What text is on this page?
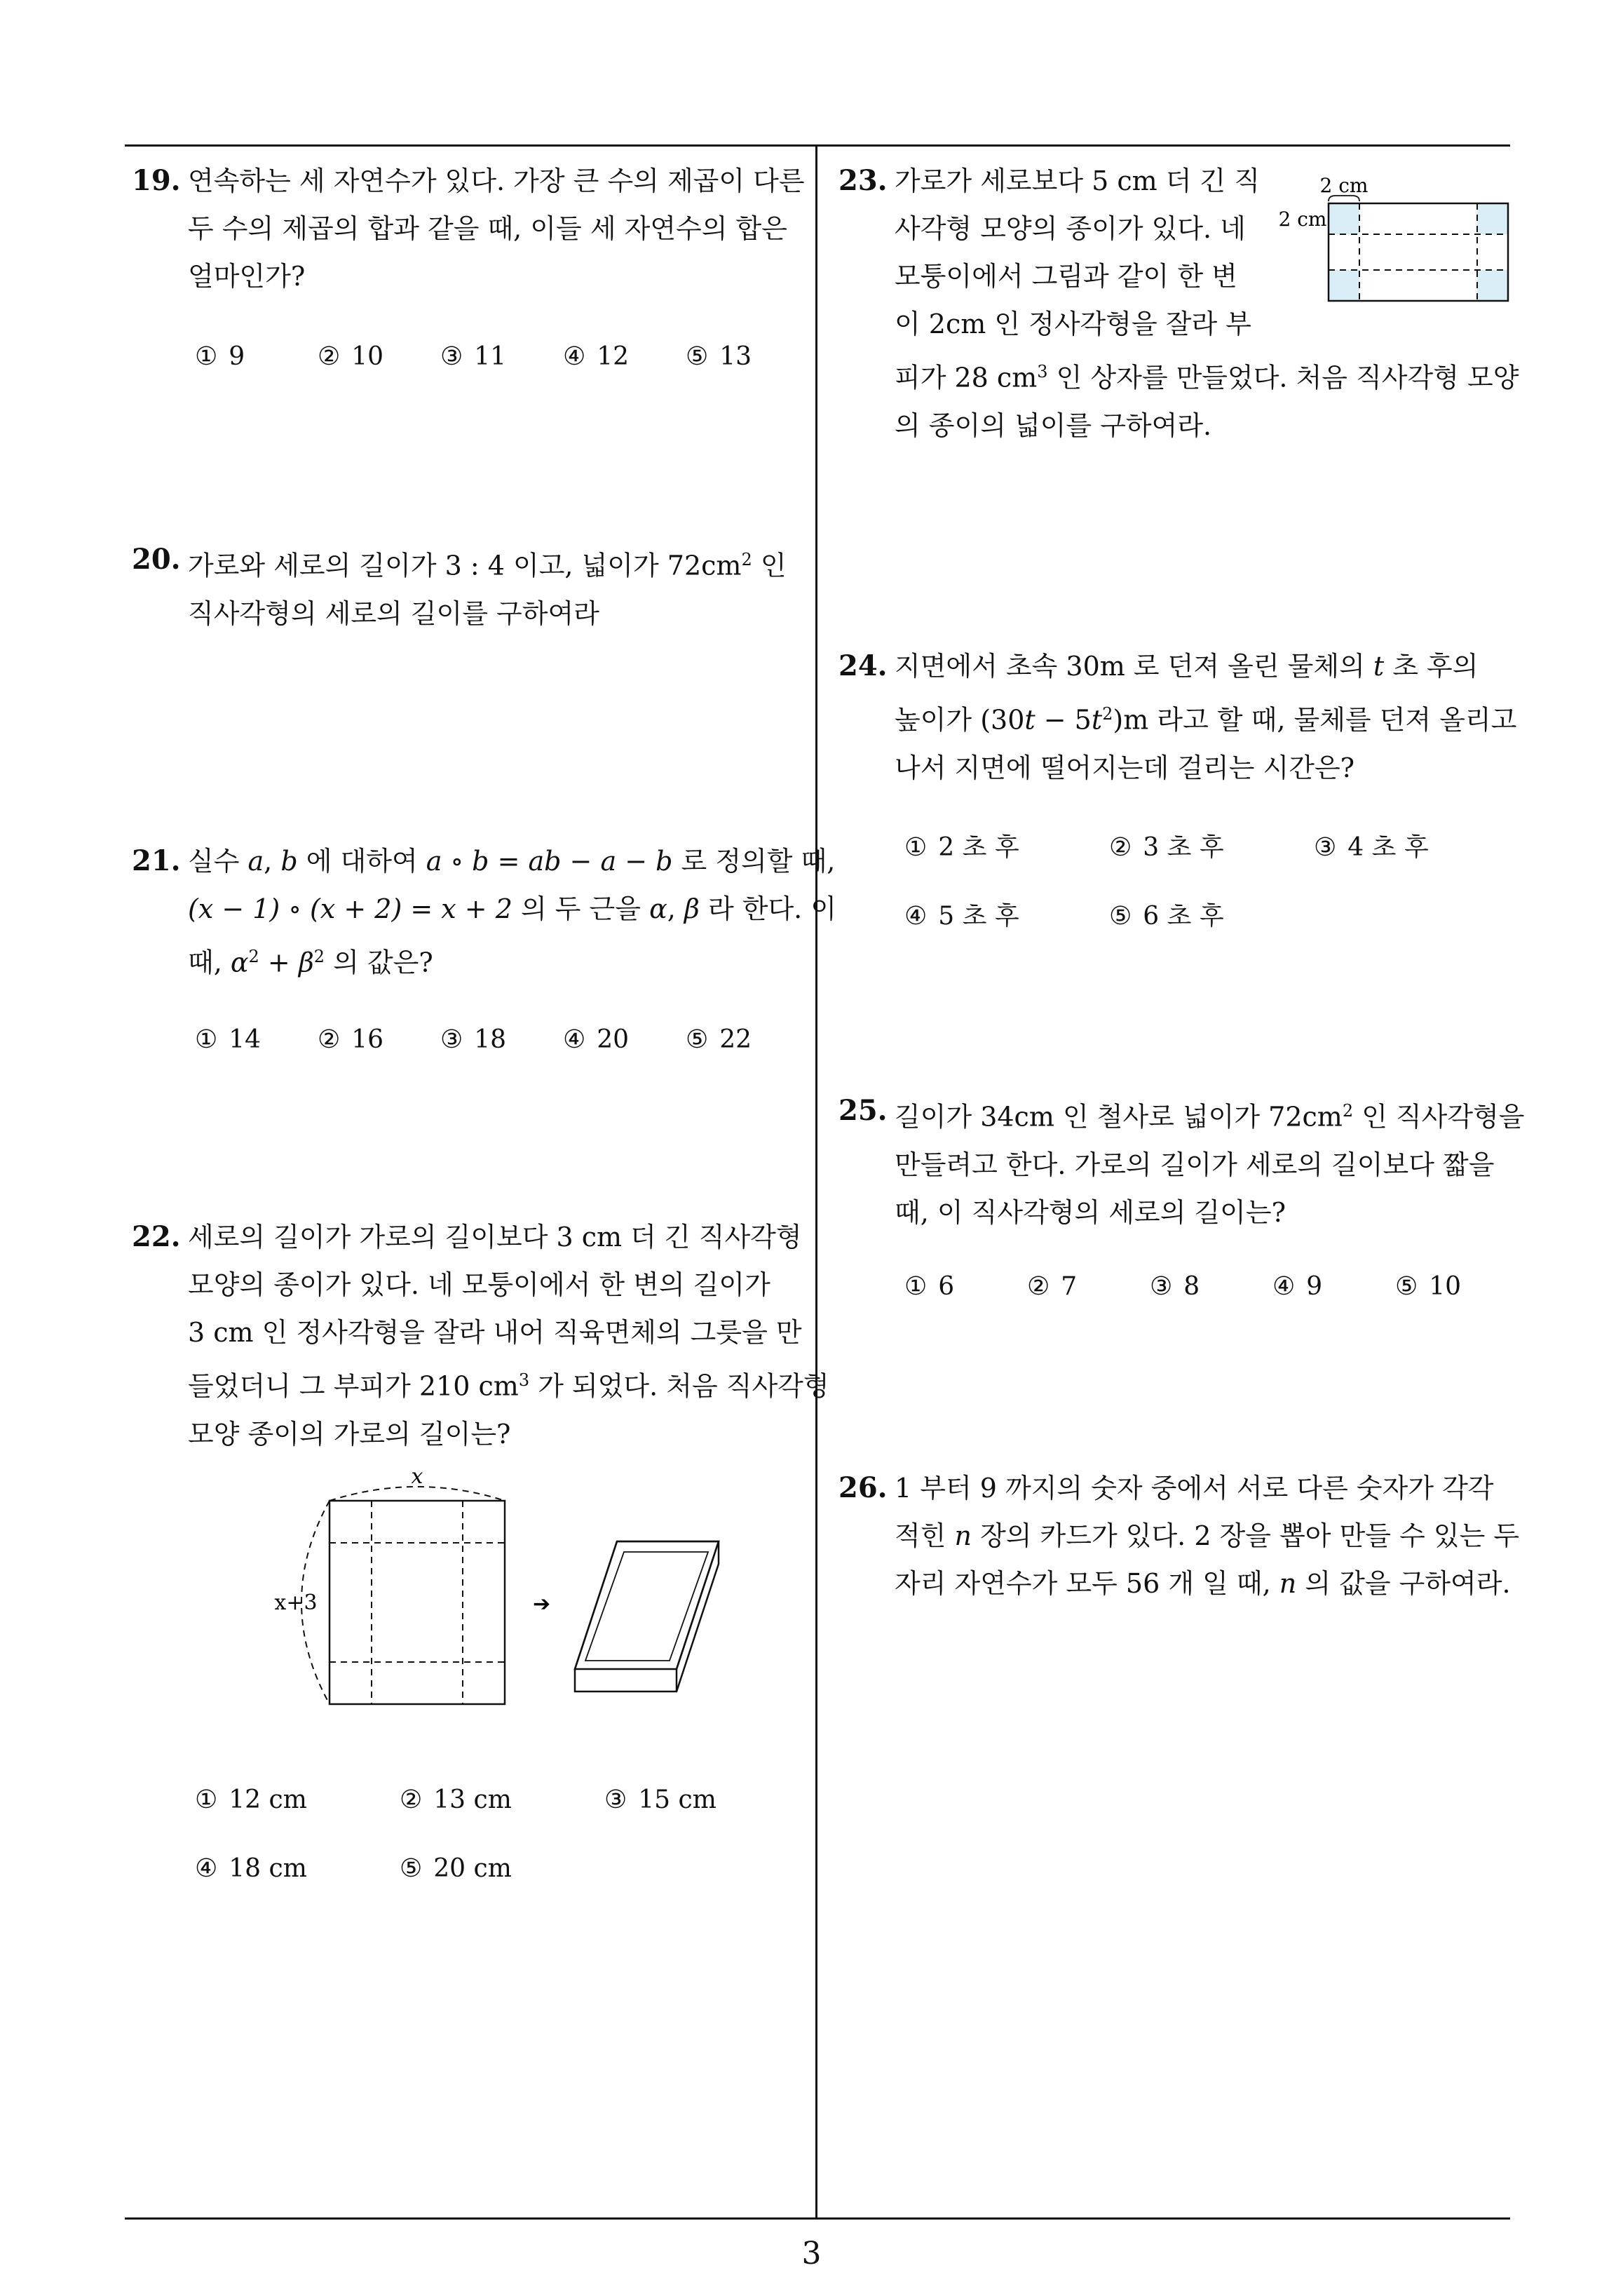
3
19. 연속하는 세 자연수가 있다. 가장 큰 수의 제곱이 다른
두 수의 제곱의 합과 같을 때, 이들 세 자연수의 합은
얼마인가?
① 9	② 10 ③ 11 ④ 12 ⑤ 13
20. 가로와 세로의 길이가 3 : 4 이고, 넓이가 $72cm^2$ 인
직사각형의 세로의 길이를 구하여라
21. 실수 a, b 에 대하여 a ∘ b = ab − a − b 로 정의할 때,
(x − 1) ∘ (x + 2) = x + 2 의 두 근을 α, β 라 한다. 이
때, $\alpha^2 + \beta^2$ 의 값은?
① 14 ② 16 ③ 18 ④ 20 ⑤ 22
22. 세로의 길이가 가로의 길이보다 3 cm 더 긴 직사각형
모양의 종이가 있다. 네 모퉁이에서 한 변의 길이가
3 cm 인 정사각형을 잘라 내어 직육면체의 그릇을 만
들었더니 그 부피가 210 $cm^3$ 가 되었다. 처음 직사각형
모양 종이의 가로의 길이는?
x
x+3	➔
① 12 cm	② 13 cm	③ 15 cm
④ 18 cm	⑤ 20 cm
23. 가로가 세로보다 5 cm 더 긴 직
사각형 모양의 종이가 있다. 네
모퉁이에서 그림과 같이 한 변
이 2cm 인 정사각형을 잘라 부
피가 28 $cm^3$ 인 상자를 만들었다. 처음 직사각형 모양
의 종이의 넓이를 구하여라.
2 cm
2 cm
24. 지면에서 초속 30m 로 던져 올린 물체의 t 초 후의
높이가 $(30t - 5t^2)m$ 라고 할 때, 물체를 던져 올리고
나서 지면에 떨어지는데 걸리는 시간은?
① 2 초 후	② 3 초 후	③ 4 초 후
④ 5 초 후	⑤ 6 초 후
25. 길이가 34cm 인 철사로 넓이가 $72cm^2$ 인 직사각형을
만들려고 한다. 가로의 길이가 세로의 길이보다 짧을
때, 이 직사각형의 세로의 길이는?
① 6	② 7	③ 8	④ 9	⑤ 10
26. 1 부터 9 까지의 숫자 중에서 서로 다른 숫자가 각각
적힌 n 장의 카드가 있다. 2 장을 뽑아 만들 수 있는 두
자리 자연수가 모두 56 개 일 때, n 의 값을 구하여라.
